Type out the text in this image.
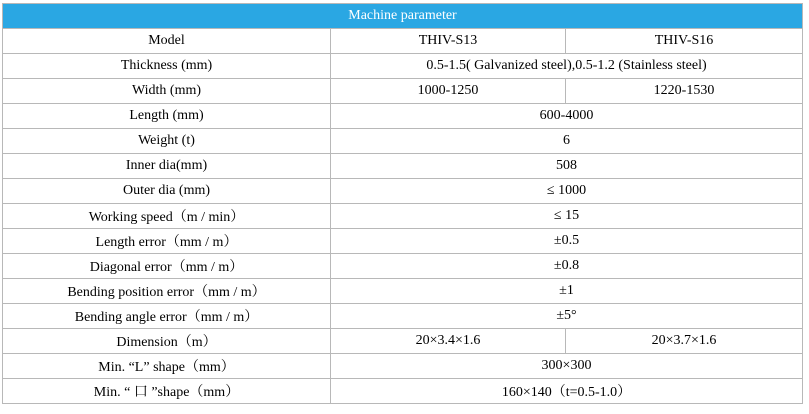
Machine parameter		
Model	THIV-S13	THIV-S16
Thickness (mm)	0.5-1.5( Galvanized steel),0.5-1.2 (Stainless steel)	
Width (mm)	1000-1250	1220-1530
Length (mm)	600-4000	
Weight (t)	6	
Inner dia(mm)	508	
Outer dia (mm)	≤ 1000	
Working speed（m / min）	≤ 15	
Length error（mm / m）	±0.5	
Diagonal error（mm / m）	±0.8	
Bending position error（mm / m）	±1	
Bending angle error（mm / m）	±5°	
Dimension（m）	20×3.4×1.6	20×3.7×1.6
Min. “L” shape（mm）	300×300	
Min. “ 口 ”shape（mm）	160×140（t=0.5-1.0）	
